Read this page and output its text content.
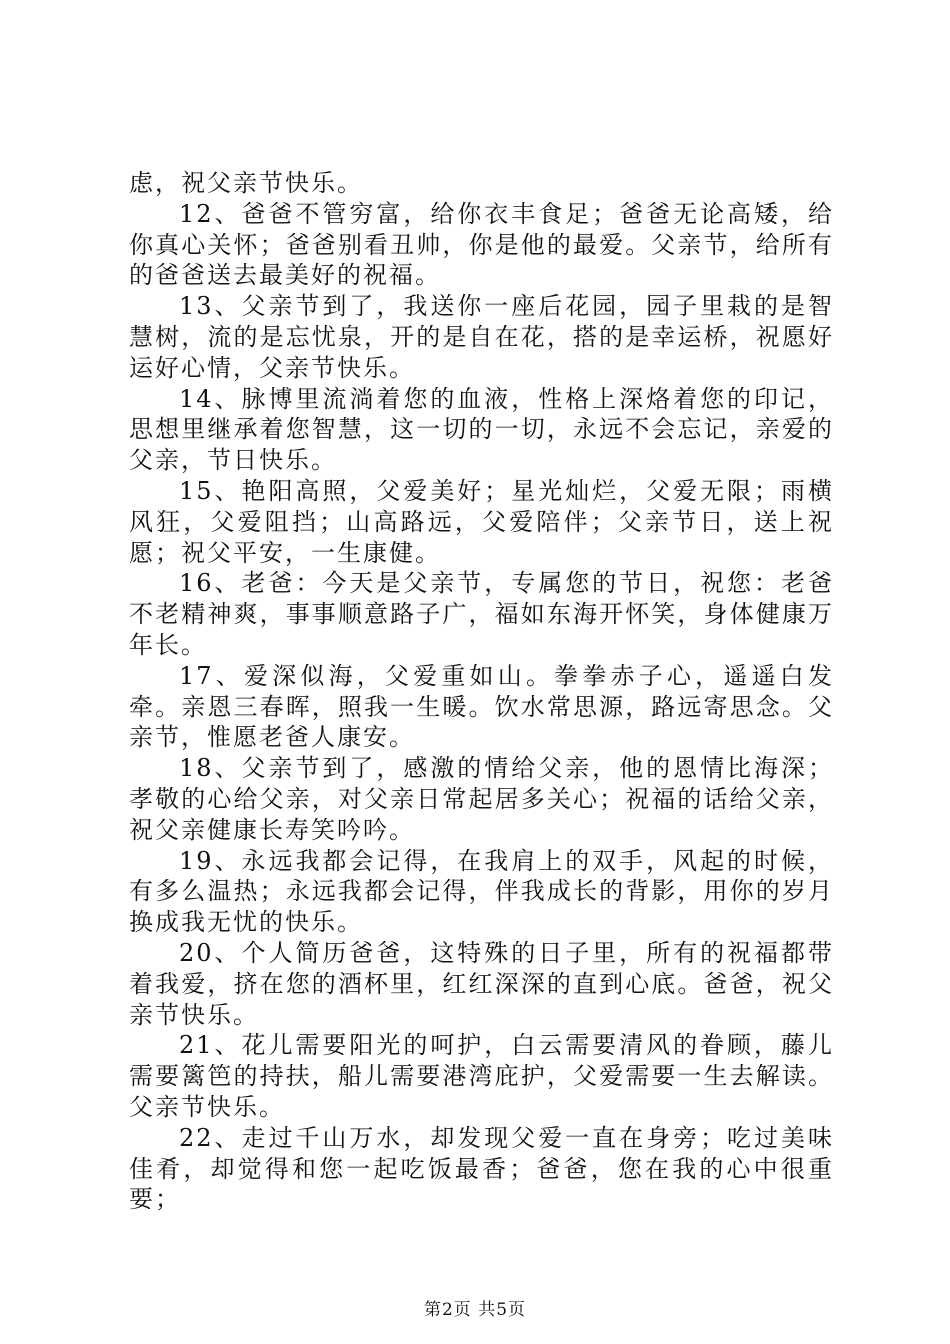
虑，祝父亲节快乐。

12、爸爸不管穷富，给你衣丰食足；爸爸无论高矮，给你真心关怀；爸爸别看丑帅，你是他的最爱。父亲节，给所有的爸爸送去最美好的祝福。

13、父亲节到了，我送你一座后花园，园子里栽的是智慧树，流的是忘忧泉，开的是自在花，搭的是幸运桥，祝愿好运好心情，父亲节快乐。

14、脉博里流淌着您的血液，性格上深烙着您的印记，思想里继承着您智慧，这一切的一切，永远不会忘记，亲爱的父亲，节日快乐。

15、艳阳高照，父爱美好；星光灿烂，父爱无限；雨横风狂，父爱阻挡；山高路远，父爱陪伴；父亲节日，送上祝愿；祝父平安，一生康健。

16、老爸：今天是父亲节，专属您的节日，祝您：老爸不老精神爽，事事顺意路子广，福如东海开怀笑，身体健康万年长。

17、爱深似海，父爱重如山。拳拳赤子心，遥遥白发牵。亲恩三春晖，照我一生暖。饮水常思源，路远寄思念。父亲节，惟愿老爸人康安。

18、父亲节到了，感激的情给父亲，他的恩情比海深；孝敬的心给父亲，对父亲日常起居多关心；祝福的话给父亲，祝父亲健康长寿笑吟吟。

19、永远我都会记得，在我肩上的双手，风起的时候，有多么温热；永远我都会记得，伴我成长的背影，用你的岁月换成我无忧的快乐。

20、个人简历爸爸，这特殊的日子里，所有的祝福都带着我爱，挤在您的酒杯里，红红深深的直到心底。爸爸，祝父亲节快乐。

21、花儿需要阳光的呵护，白云需要清风的眷顾，藤儿需要篱笆的持扶，船儿需要港湾庇护，父爱需要一生去解读。父亲节快乐。

22、走过千山万水，却发现父爱一直在身旁；吃过美味佳肴，却觉得和您一起吃饭最香；爸爸，您在我的心中很重要；

第2页 共5页
